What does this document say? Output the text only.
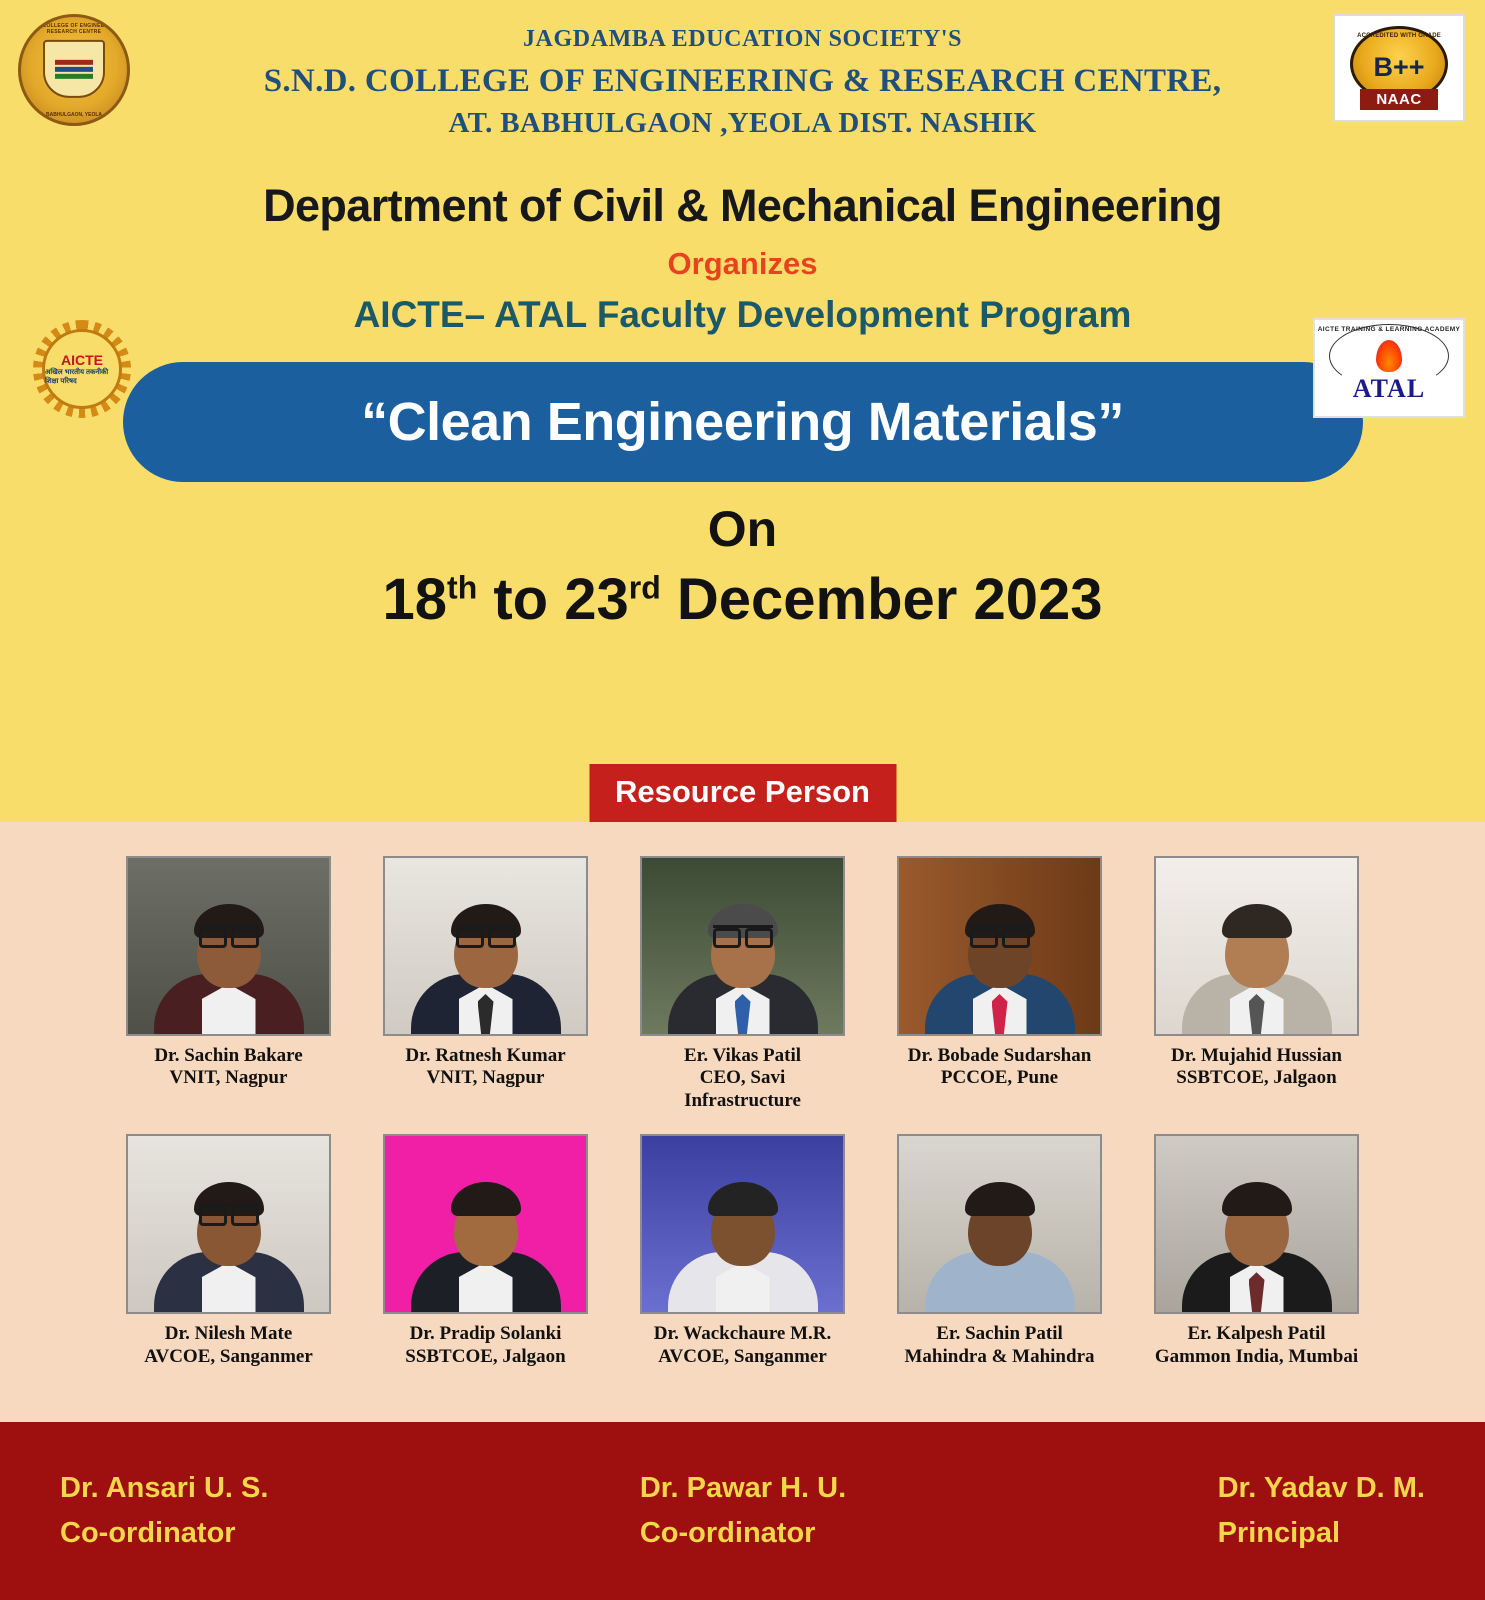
S.N.D. COLLEGE OF ENGINEERING & RESEARCH CENTRE
BABHULGAON, YEOLA
ACCREDITED WITH GRADE
B++
NAAC
JAGDAMBA EDUCATION SOCIETY'S
S.N.D. COLLEGE OF ENGINEERING & RESEARCH CENTRE,
AT. BABHULGAON ,YEOLA DIST. NASHIK
Department of Civil & Mechanical Engineering
Organizes
AICTE– ATAL Faculty Development Program
AICTE
अखिल भारतीय तकनीकी शिक्षा परिषद
AICTE TRAINING & LEARNING ACADEMY
ATAL
“Clean Engineering Materials”
On
18th to 23rd December 2023
Resource Person
Dr. Sachin Bakare
VNIT, Nagpur
Dr. Ratnesh Kumar
VNIT, Nagpur
Er. Vikas Patil
CEO, Savi Infrastructure
Dr. Bobade Sudarshan
PCCOE, Pune
Dr. Mujahid Hussian
SSBTCOE, Jalgaon
Dr. Nilesh Mate
AVCOE, Sanganmer
Dr. Pradip Solanki
SSBTCOE, Jalgaon
Dr. Wackchaure M.R.
AVCOE, Sanganmer
Er. Sachin Patil
Mahindra & Mahindra
Er. Kalpesh Patil
Gammon India, Mumbai
Dr. Ansari U. S.
Co-ordinator
Dr. Pawar H. U.
Co-ordinator
Dr. Yadav D. M.
Principal
